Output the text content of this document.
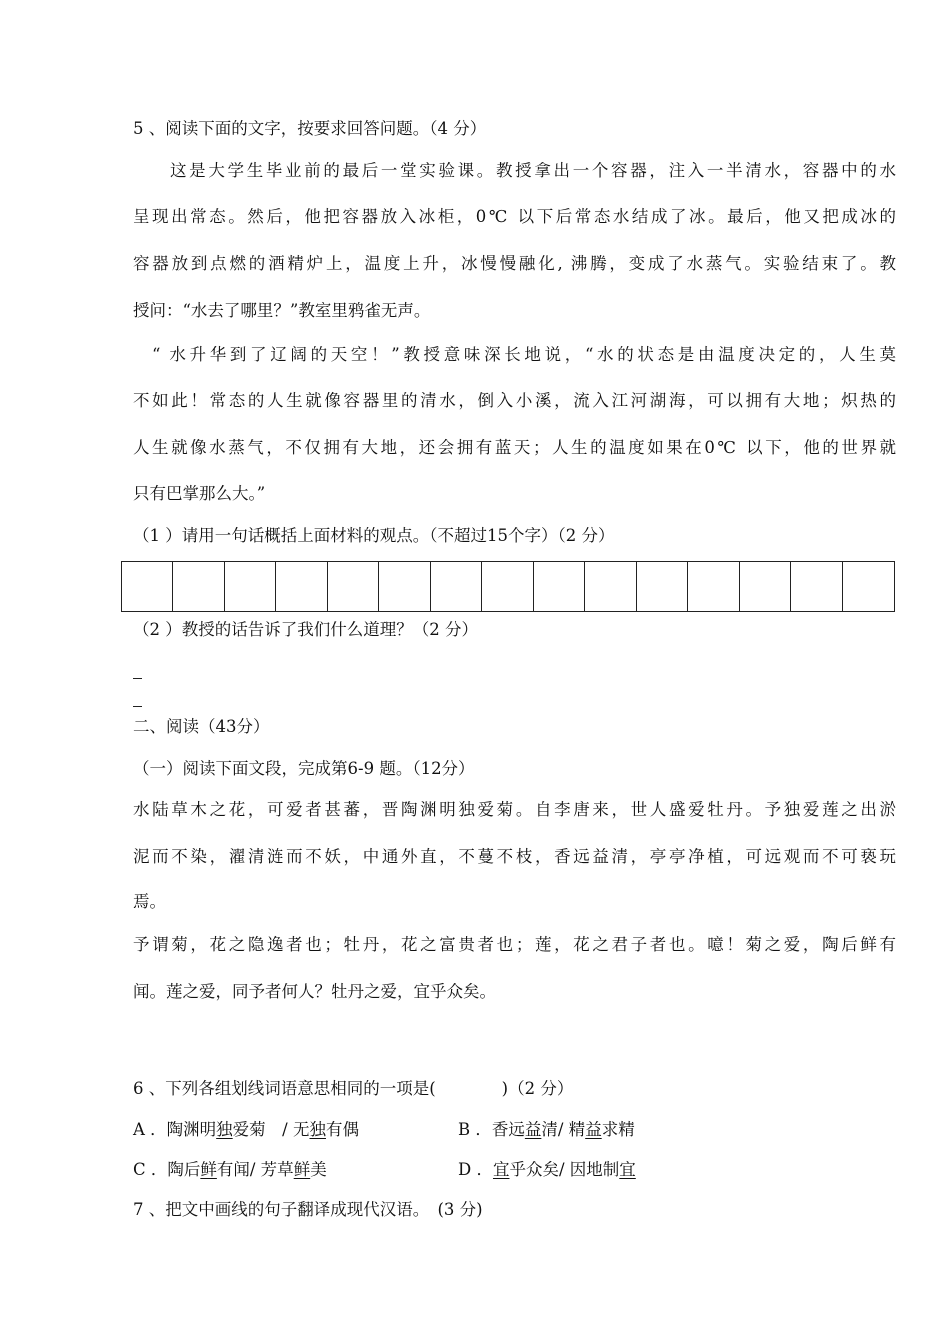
5 、阅读下面的文字，按要求回答问题。（4 分）
这是大学生毕业前的最后一堂实验课。教授拿出一个容器，注入一半清水，容器中的水
呈现出常态。然后，他把容器放入冰柜，0℃ 以下后常态水结成了冰。最后，他又把成冰的
容器放到点燃的酒精炉上，温度上升，冰慢慢融化, 沸腾，变成了水蒸气。实验结束了。教
授问：“水去了哪里？”教室里鸦雀无声。
“ 水升华到了辽阔的天空！”教授意味深长地说，“水的状态是由温度决定的，人生莫
不如此！常态的人生就像容器里的清水，倒入小溪，流入江河湖海，可以拥有大地；炽热的
人生就像水蒸气，不仅拥有大地，还会拥有蓝天；人生的温度如果在0℃ 以下，他的世界就
只有巴掌那么大。”
（1 ）请用一句话概括上面材料的观点。（不超过15个字）（2 分）
（2 ）教授的话告诉了我们什么道理？（2 分）
二、阅读（43分）
（一）阅读下面文段，完成第6-9 题。（12分）
水陆草木之花，可爱者甚蕃，晋陶渊明独爱菊。自李唐来，世人盛爱牡丹。予独爱莲之出淤
泥而不染，濯清涟而不妖，中通外直，不蔓不枝，香远益清，亭亭净植，可远观而不可亵玩
焉。
予谓菊，花之隐逸者也；牡丹，花之富贵者也；莲，花之君子者也。噫！菊之爱，陶后鲜有
闻。莲之爱，同予者何人？牡丹之爱，宜乎众矣。
6 、下列各组划线词语意思相同的一项是(　　　　)（2 分）
A ．陶渊明独爱菊　/ 无独有偶	B ．香远益清/ 精益求精
C ．陶后鲜有闻/ 芳草鲜美	D ．宜乎众矣/ 因地制宜
7 、把文中画线的句子翻译成现代汉语。　(3 分)
